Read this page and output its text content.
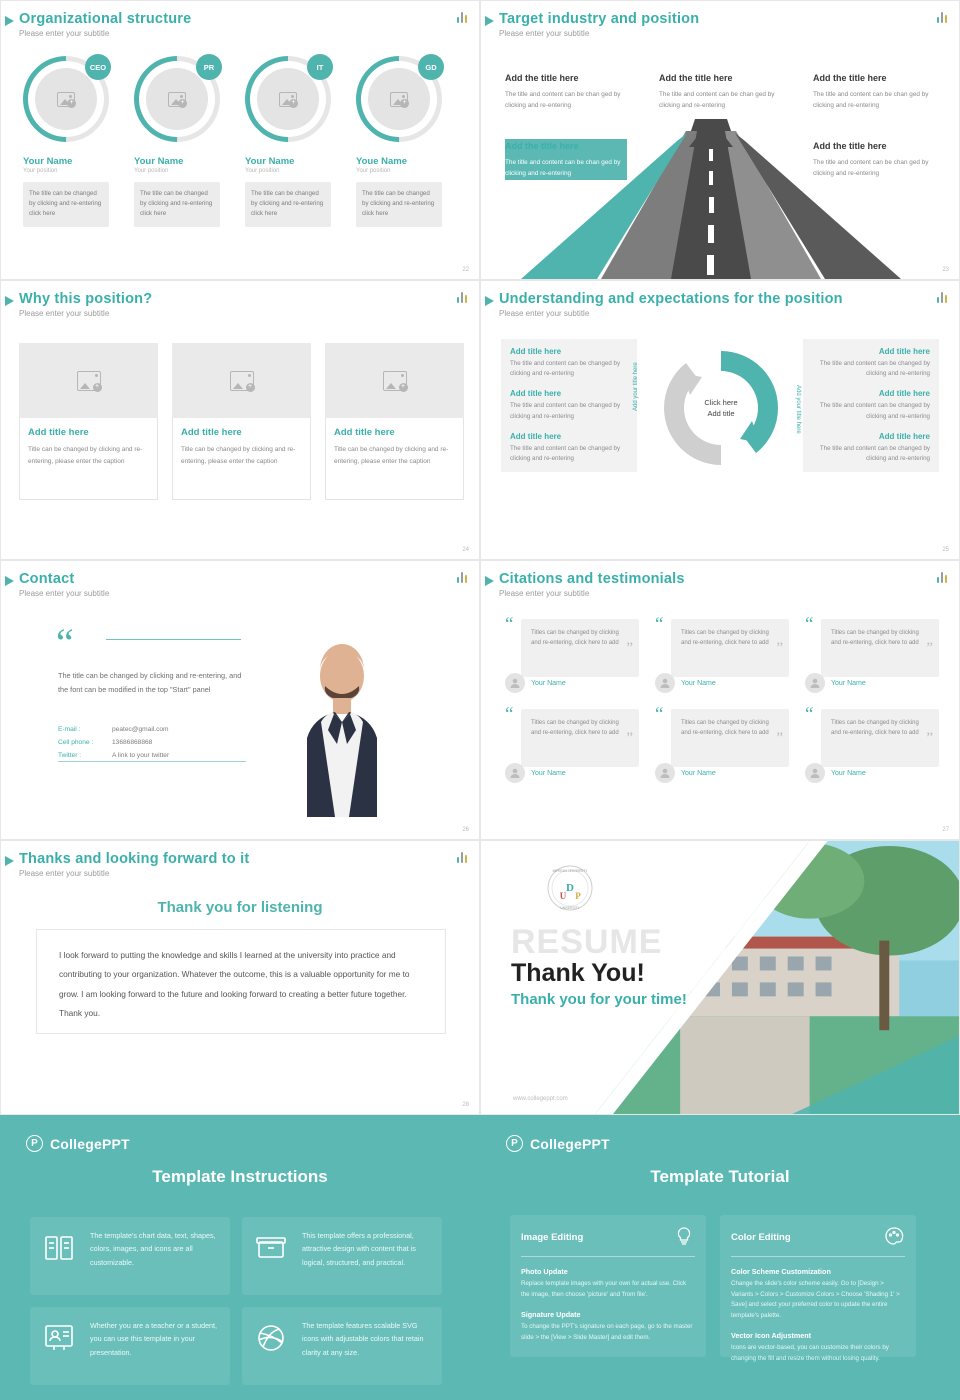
Organizational structure
Please enter your subtitle
+
CEO
Your Name
Your position
The title can be changed by clicking and re-entering click here
+
PR
Your Name
Your position
The title can be changed by clicking and re-entering click here
+
IT
Your Name
Your position
The title can be changed by clicking and re-entering click here
+
GD
Youe Name
Your position
The title can be changed by clicking and re-entering click here
22
Target industry and position
Please enter your subtitle
Add the title here
The title and content can be chan ged by clicking and re-entering
Add the title here
The title and content can be chan ged by clicking and re-entering
Add the title here
The title and content can be chan ged by clicking and re-entering
Add the title here
The title and content can be chan ged by clicking and re-entering
Add the title here
The title and content can be chan ged by clicking and re-entering
23
Why this position?
Please enter your subtitle
+
Add title here
Title can be changed by clicking and re-entering, please enter the caption
+
Add title here
Title can be changed by clicking and re-entering, please enter the caption
+
Add title here
Title can be changed by clicking and re-entering, please enter the caption
24
Understanding and expectations for the position
Please enter your subtitle
Add title here

The title and content can be changed by clicking and re-entering

Add title here

The title and content can be changed by clicking and re-entering

Add title here

The title and content can be changed by clicking and re-entering

Add title here

The title and content can be changed by clicking and re-entering

Add title here

The title and content can be changed by clicking and re-entering

Add title here

The title and content can be changed by clicking and re-entering

Click here
Add title
Add your title here	Add your title here
25
Contact
Please enter your subtitle
“
The title can be changed by clicking and re-entering, and the font can be modified in the top "Start" panel
E-mail :	peatec@gmail.com
Cell phone :	13686868868
Twitter :	A link to your twitter
26
Citations and testimonials
Please enter your subtitle

Titles can be changed by clicking and re-entering, click here to add

“
”
Your Name

Titles can be changed by clicking and re-entering, click here to add

“
”
Your Name

Titles can be changed by clicking and re-entering, click here to add

“
”
Your Name

Titles can be changed by clicking and re-entering, click here to add

“
”
Your Name

Titles can be changed by clicking and re-entering, click here to add

“
”
Your Name

Titles can be changed by clicking and re-entering, click here to add

“
”
Your Name
27
Thanks and looking forward to it
Please enter your subtitle
Thank you for listening

I look forward to putting the knowledge and skills I learned at the university into practice and contributing to your organization. Whatever the outcome, this is a valuable opportunity for me to grow. I am looking forward to the future and looking forward to creating a better future together. Thank you.

28
D
U P
IMPERIAL UNIVERSITY
UNIVERSITY
RESUME
Thank You!
Thank you for your time!
www.collegeppt.com
P CollegePPT
Template Instructions

The template's chart data, text, shapes, colors, images, and icons are all customizable.

This template offers a professional, attractive design with content that is logical, structured, and practical.

Whether you are a teacher or a student, you can use this template in your presentation.

The template features scalable SVG icons with adjustable colors that retain clarity at any size.

P CollegePPT
Template Tutorial
Image Editing
Photo Update

Replace template images with your own for actual use. Click the image, then choose 'picture' and 'from file'.

Signature Update

To change the PPT's signature on each page, go to the master slide > the [View > Slide Master] and edit them.

Color Editing
Color Scheme Customization

Change the slide's color scheme easily. Go to [Design > Variants > Colors > Customize Colors > Choose 'Shading 1' > Save] and select your preferred color to update the entire template's palette.

Vector Icon Adjustment

Icons are vector-based, you can customize their colors by changing the fill and resize them without losing quality.
